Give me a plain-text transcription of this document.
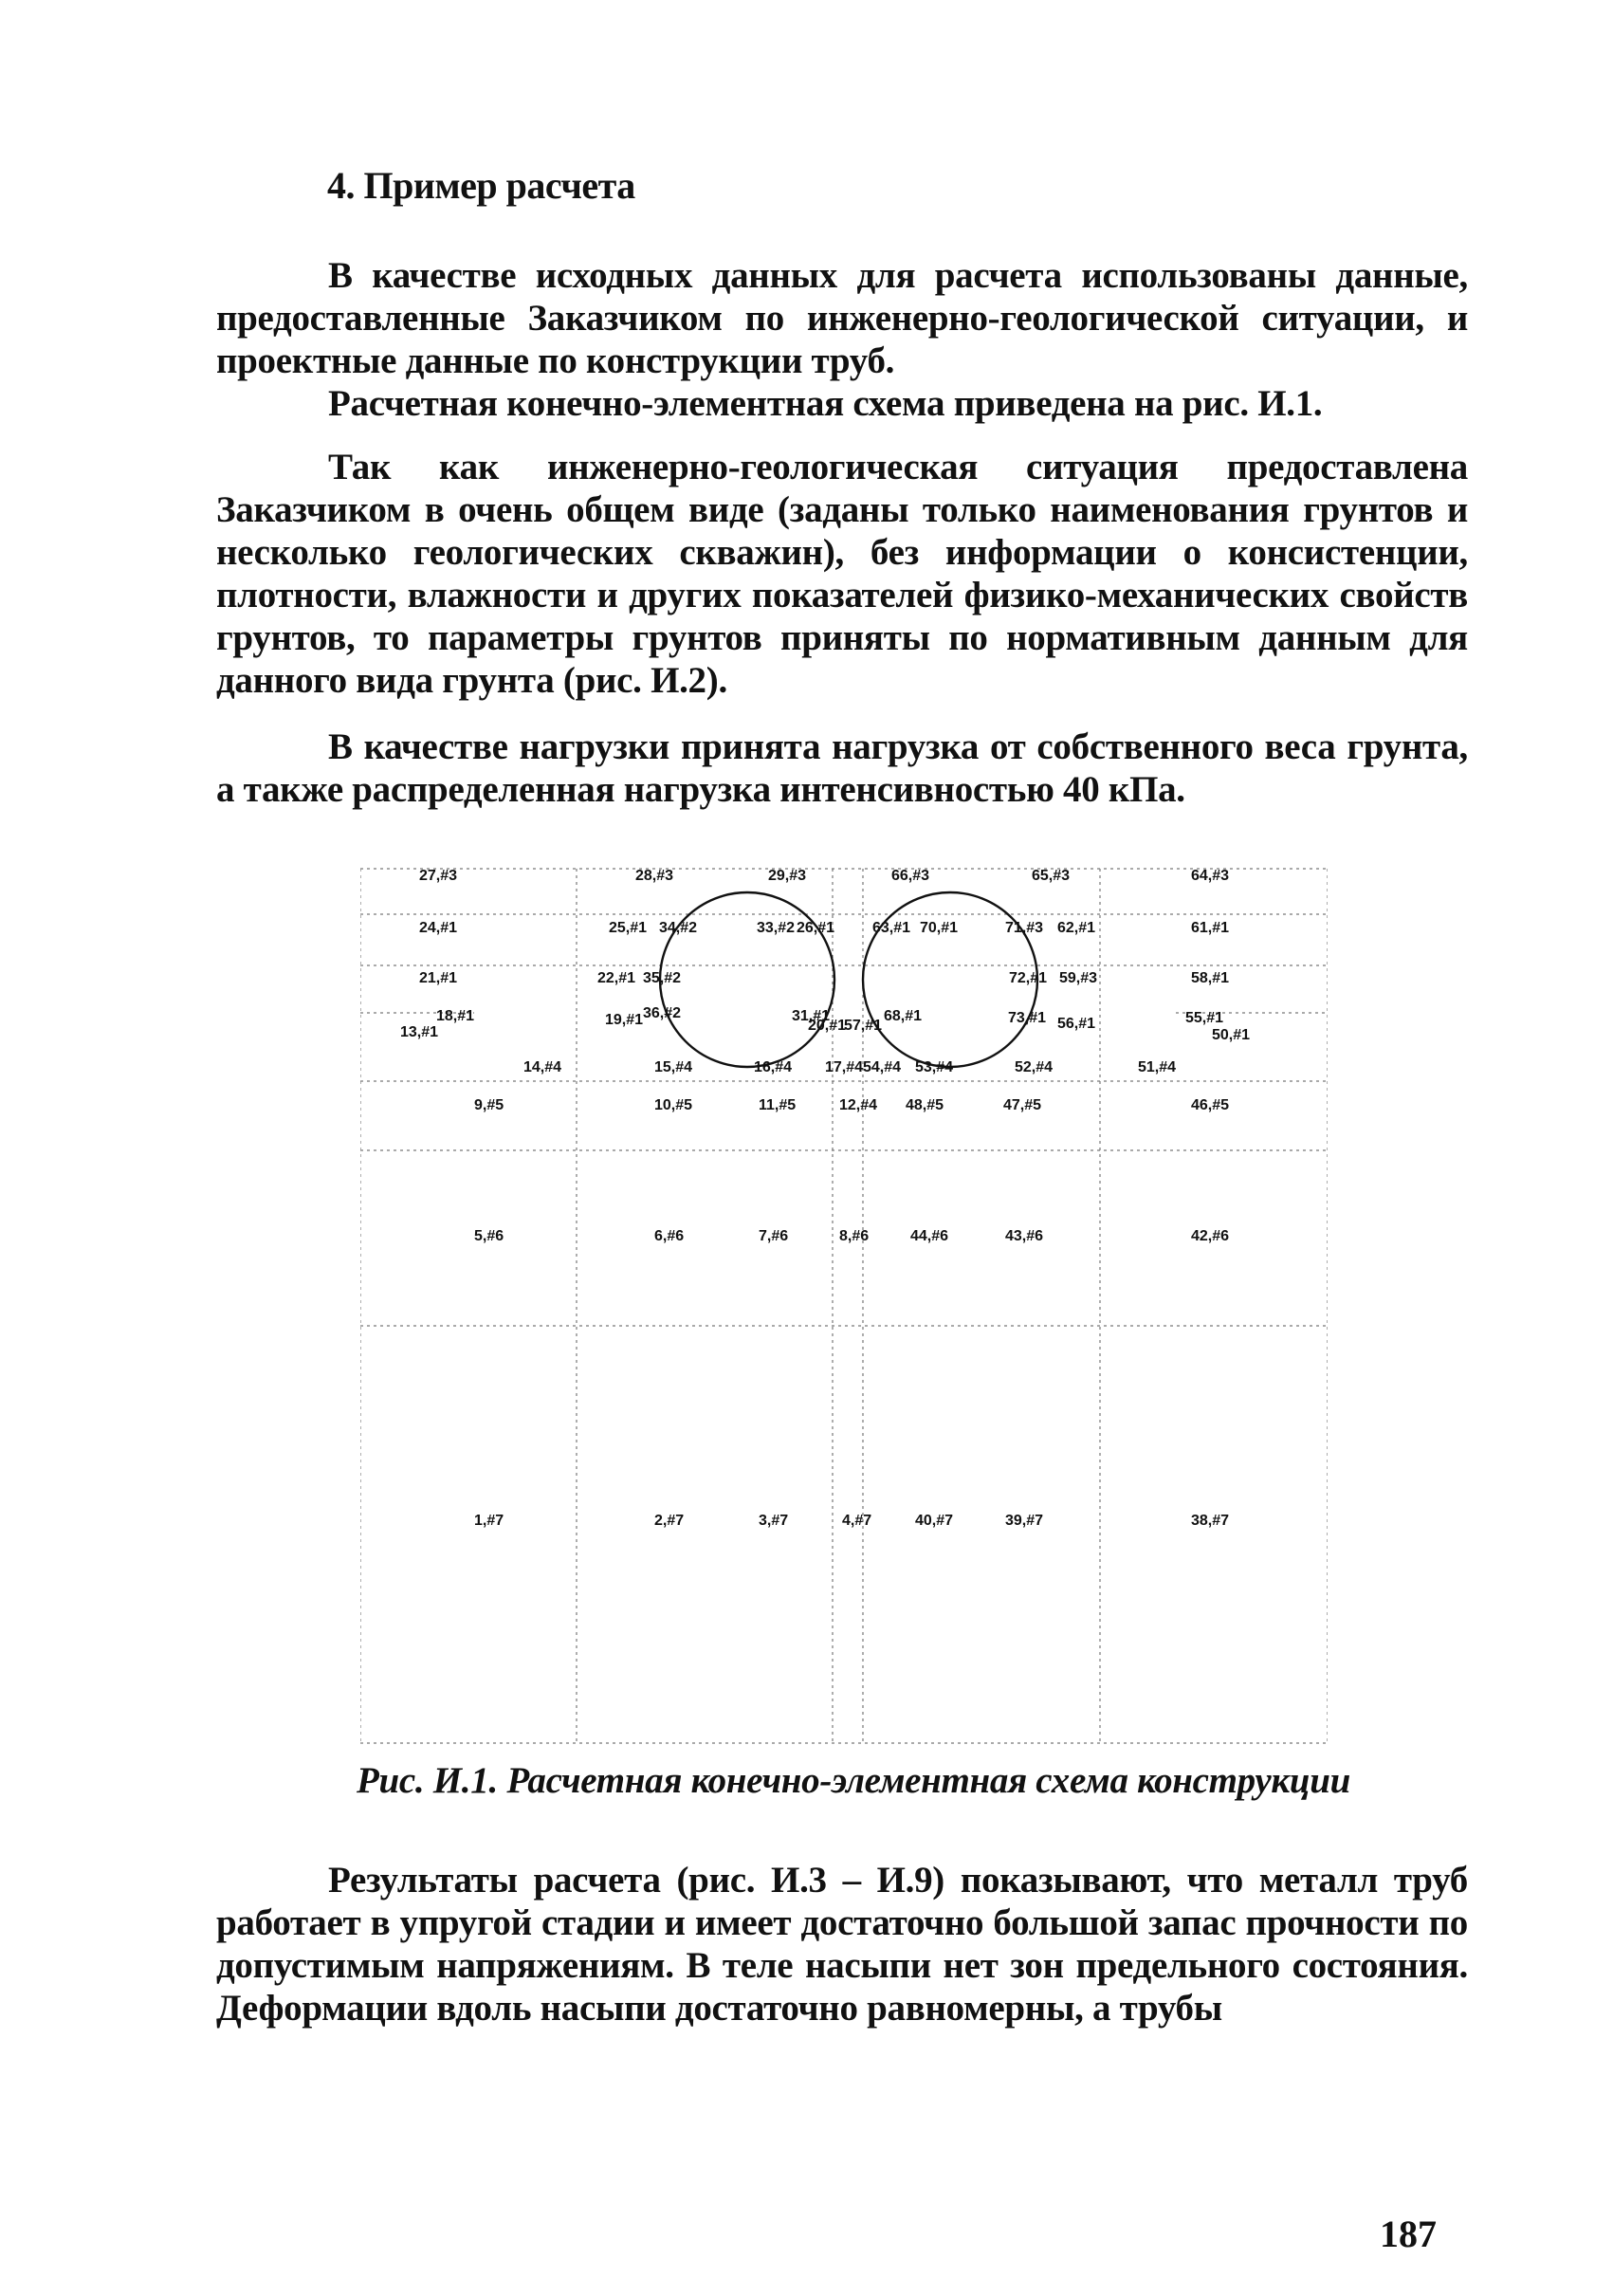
4. Пример расчета
В качестве исходных данных для расчета использованы данные, предоставленные Заказчиком по инженерно-геологической ситуации, и проектные данные по конструкции труб.
Расчетная конечно-элементная схема приведена на рис. И.1.
Так как инженерно-геологическая ситуация предоставлена Заказчиком в очень общем виде (заданы только наименования грунтов и несколько геологических скважин), без информации о консистенции, плотности, влажности и других показателей физико-механических свойств грунтов, то параметры грунтов приняты по нормативным данным для данного вида грунта (рис. И.2).
В качестве нагрузки принята нагрузка от собственного веса грунта, а также распределенная нагрузка интенсивностью 40 кПа.
27,#3	28,#3	29,#3	66,#3	65,#3	64,#3
24,#1	25,#1 34,#2	33,#2 26,#1 63,#1 70,#1	71,#3 62,#1	61,#1
21,#1	22,#1 35,#2	72,#1 59,#3	58,#1
18,#1	19,#1 36,#2	31,#1
20,#1
57,#1
68,#1	73,#1 56,#1	55,#1
13,#1	50,#1
14,#4	15,#4	16,#4 17,#4 54,#4 53,#4	52,#4	51,#4
9,#5	10,#5	11,#5	12,#4 48,#5	47,#5	46,#5
5,#6	6,#6	7,#6	8,#6	44,#6	43,#6	42,#6
1,#7	2,#7	3,#7	4,#7	40,#7	39,#7	38,#7
Рис. И.1. Расчетная конечно-элементная схема конструкции
Результаты расчета (рис. И.3 – И.9) показывают, что металл труб работает в упругой стадии и имеет достаточно большой запас прочности по допустимым напряжениям. В теле насыпи нет зон предельного состояния. Деформации вдоль насыпи достаточно равномерны, а трубы
187
